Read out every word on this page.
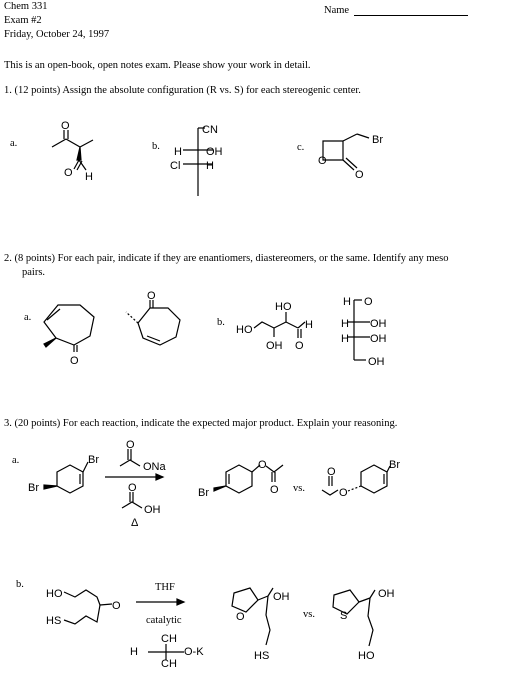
Chem 331
Exam #2
Friday, October 24, 1997
Name
This is an open-book, open notes exam. Please show your work in detail.
1. (12 points) Assign the absolute configuration (R vs. S) for each stereogenic center.
a.	b.	c.
2. (8 points) For each pair, indicate if they are enantiomers, diastereomers, or the same. Identify any meso
pairs.
a.	b.
3. (20 points) For each reaction, indicate the expected major product. Explain your reasoning.
a.
b.
vs.
vs.
THF
catalytic
O
O H
CN
H OH
Cl H	O
O
Br
O
O
HO
O
H
HO
OH
H O
H OH
H OH
OH
Br
Br
O
ONa
O
OH
Δ
O
O
Br
Br
O
O
HO
HS
O
CH
H	O-K
CH
O
OH
HS
S
OH
HO
